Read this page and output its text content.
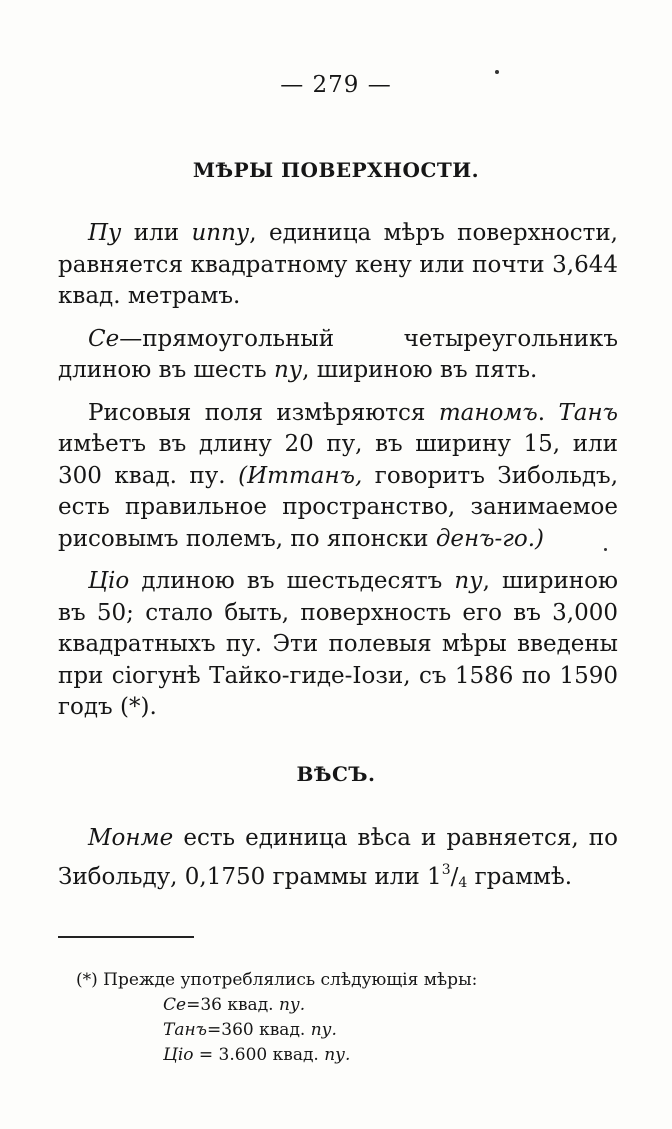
— 279 —
МѢРЫ ПОВЕРХНОСТИ.

Пу или иппу, единица мѣръ поверхности, равняется квадратному кену или почти 3,644 квад. метрамъ.

Се—прямоугольный четыреугольникъ длиною въ шесть пу, шириною въ пять.

Рисовыя поля измѣряются таномъ. Танъ имѣетъ въ длину 20 пу, въ ширину 15, или 300 квад. пу. (Иттанъ, говоритъ Зибольдъ, есть правильное пространство, занимаемое рисовымъ полемъ, по японски денъ-го.)

Ціо длиною въ шестьдесятъ пу, шириною въ 50; стало быть, поверхность его въ 3,000 квадратныхъ пу. Эти полевыя мѣры введены при сіогунѣ Тайко-гиде-Іози, съ 1586 по 1590 годъ (*).

ВѢСЪ.

Монме есть единица вѣса и равняется, по Зибольду, 0,1750 граммы или $1^3/_4$ граммѣ.

(*) Прежде употреблялись слѣдующія мѣры:
Се=36 квад. пу.
Танъ=360 квад. пу.
Ціо = 3.600 квад. пу.
